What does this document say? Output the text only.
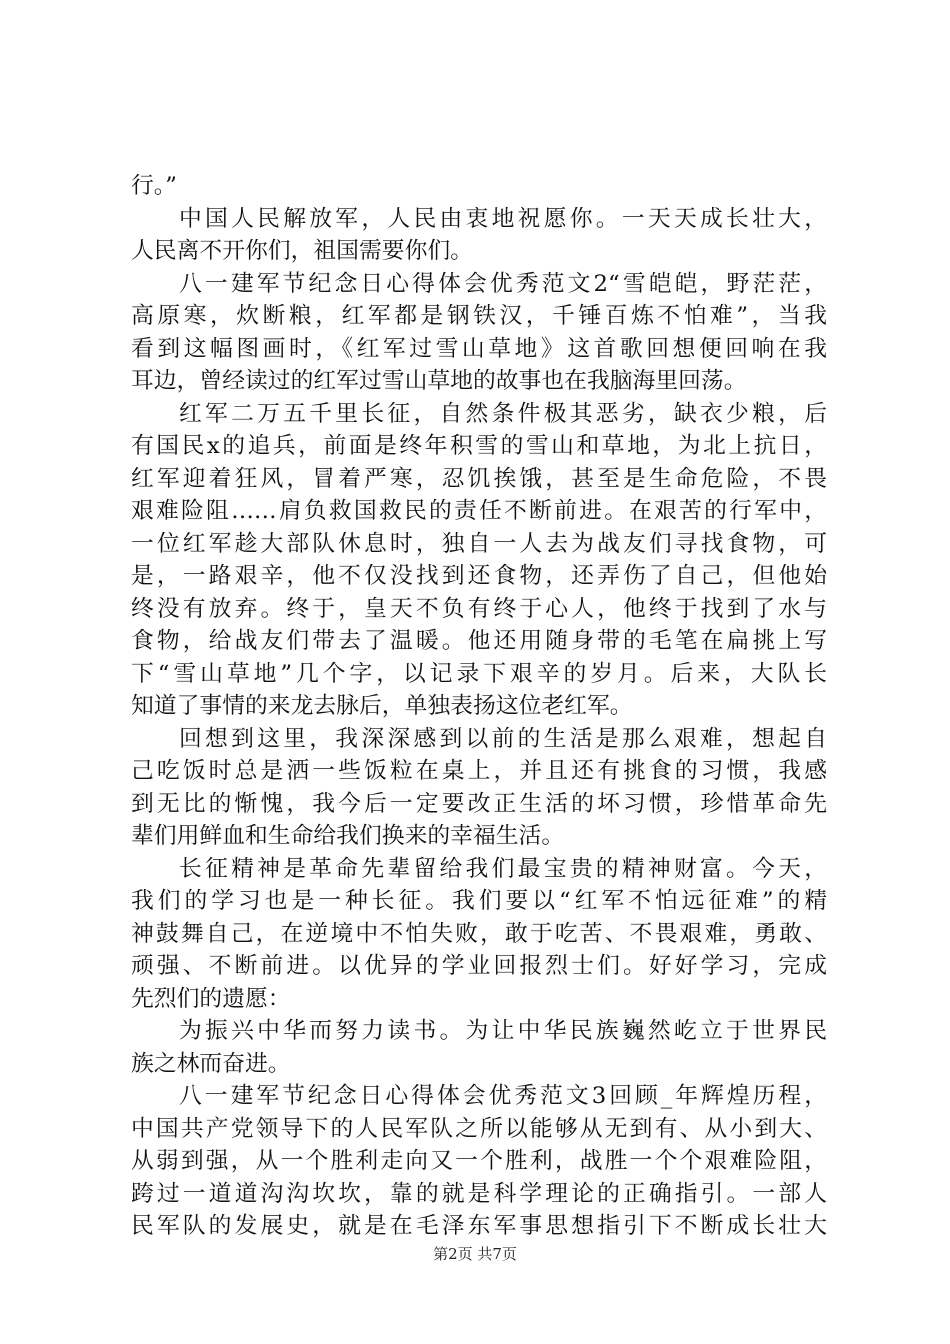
行。”
中国人民解放军，人民由衷地祝愿你。一天天成长壮大，
人民离不开你们，祖国需要你们。
八一建军节纪念日心得体会优秀范文2“雪皑皑，野茫茫，
高原寒，炊断粮，红军都是钢铁汉，千锤百炼不怕难”，当我
看到这幅图画时，《红军过雪山草地》这首歌回想便回响在我
耳边，曾经读过的红军过雪山草地的故事也在我脑海里回荡。
红军二万五千里长征，自然条件极其恶劣，缺衣少粮，后
有国民x的追兵，前面是终年积雪的雪山和草地，为北上抗日，
红军迎着狂风，冒着严寒，忍饥挨饿，甚至是生命危险，不畏
艰难险阻……肩负救国救民的责任不断前进。在艰苦的行军中，
一位红军趁大部队休息时，独自一人去为战友们寻找食物，可
是，一路艰辛，他不仅没找到还食物，还弄伤了自己，但他始
终没有放弃。终于，皇天不负有终于心人，他终于找到了水与
食物，给战友们带去了温暖。他还用随身带的毛笔在扁挑上写
下“雪山草地”几个字，以记录下艰辛的岁月。后来，大队长
知道了事情的来龙去脉后，单独表扬这位老红军。
回想到这里，我深深感到以前的生活是那么艰难，想起自
己吃饭时总是洒一些饭粒在桌上，并且还有挑食的习惯，我感
到无比的惭愧，我今后一定要改正生活的坏习惯，珍惜革命先
辈们用鲜血和生命给我们换来的幸福生活。
长征精神是革命先辈留给我们最宝贵的精神财富。今天，
我们的学习也是一种长征。我们要以“红军不怕远征难”的精
神鼓舞自己，在逆境中不怕失败，敢于吃苦、不畏艰难，勇敢、
顽强、不断前进。以优异的学业回报烈士们。好好学习，完成
先烈们的遗愿：
为振兴中华而努力读书。为让中华民族巍然屹立于世界民
族之林而奋进。
八一建军节纪念日心得体会优秀范文3回顾_年辉煌历程，
中国共产党领导下的人民军队之所以能够从无到有、从小到大、
从弱到强，从一个胜利走向又一个胜利，战胜一个个艰难险阻，
跨过一道道沟沟坎坎，靠的就是科学理论的正确指引。一部人
民军队的发展史，就是在毛泽东军事思想指引下不断成长壮大
第2页 共7页
